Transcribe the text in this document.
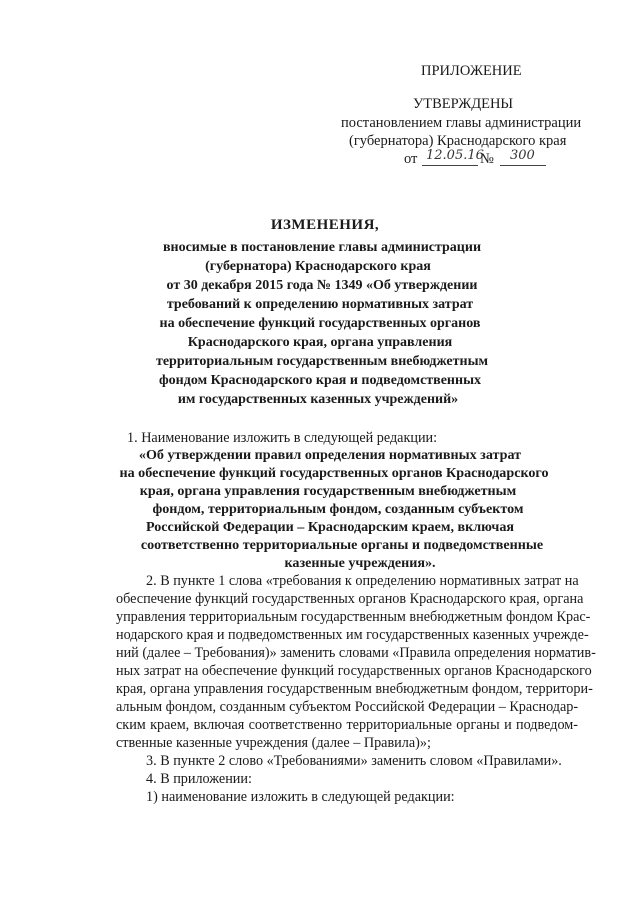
ПРИЛОЖЕНИЕ
УТВЕРЖДЕНЫ
постановлением главы администрации
(губернатора) Краснодарского края
от 12.05.16
№ 300
ИЗМЕНЕНИЯ,
вносимые в постановление главы администрации
(губернатора) Краснодарского края
от 30 декабря 2015 года № 1349 «Об утверждении
требований к определению нормативных затрат
на обеспечение функций государственных органов
Краснодарского края, органа управления
территориальным государственным внебюджетным
фондом Краснодарского края и подведомственных
им государственных казенных учреждений»
1. Наименование изложить в следующей редакции:
«Об утверждении правил определения нормативных затрат
на обеспечение функций государственных органов Краснодарского
края, органа управления государственным внебюджетным
фондом, территориальным фондом, созданным субъектом
Российской Федерации – Краснодарским краем, включая
соответственно территориальные органы и подведомственные
казенные учреждения».
2. В пункте 1 слова «требования к определению нормативных затрат на
обеспечение функций государственных органов Краснодарского края, органа
управления территориальным государственным внебюджетным фондом Крас-
нодарского края и подведомственных им государственных казенных учрежде-
ний (далее – Требования)» заменить словами «Правила определения норматив-
ных затрат на обеспечение функций государственных органов Краснодарского
края, органа управления государственным внебюджетным фондом, территори-
альным фондом, созданным субъектом Российской Федерации – Краснодар-
ским краем, включая соответственно территориальные органы и подведом-
ственные казенные учреждения (далее – Правила)»;
3. В пункте 2 слово «Требованиями» заменить словом «Правилами».
4. В приложении:
1) наименование изложить в следующей редакции:
